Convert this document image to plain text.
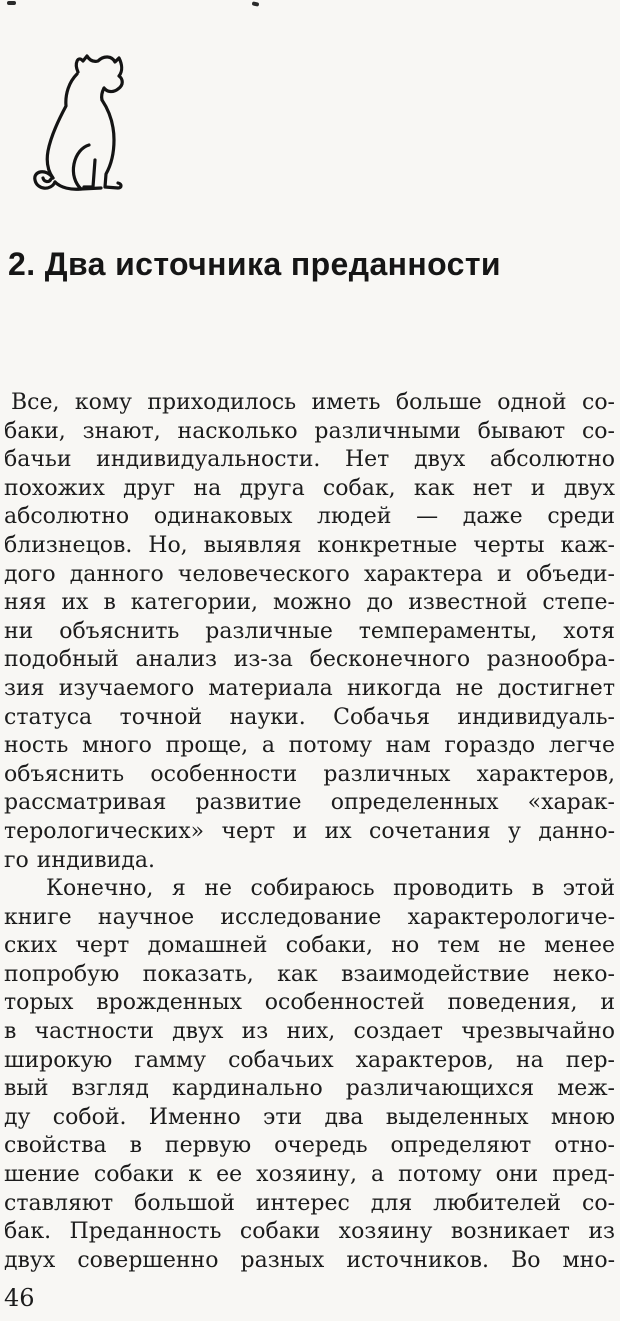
2. Два источника преданности
Все, кому приходилось иметь больше одной со-
баки, знают, насколько различными бывают со-
бачьи индивидуальности. Нет двух абсолютно
похожих друг на друга собак, как нет и двух
абсолютно одинаковых людей — даже среди
близнецов. Но, выявляя конкретные черты каж-
дого данного человеческого характера и объеди-
няя их в категории, можно до известной степе-
ни объяснить различные темпераменты, хотя
подобный анализ из-за бесконечного разнообра-
зия изучаемого материала никогда не достигнет
статуса точной науки. Собачья индивидуаль-
ность много проще, а потому нам гораздо легче
объяснить особенности различных характеров,
рассматривая развитие определенных «харак-
терологических» черт и их сочетания у данно-
го индивида.
Конечно, я не собираюсь проводить в этой
книге научное исследование характерологиче-
ских черт домашней собаки, но тем не менее
попробую показать, как взаимодействие неко-
торых врожденных особенностей поведения, и
в частности двух из них, создает чрезвычайно
широкую гамму собачьих характеров, на пер-
вый взгляд кардинально различающихся меж-
ду собой. Именно эти два выделенных мною
свойства в первую очередь определяют отно-
шение собаки к ее хозяину, а потому они пред-
ставляют большой интерес для любителей со-
бак. Преданность собаки хозяину возникает из
двух совершенно разных источников. Во мно-
46
